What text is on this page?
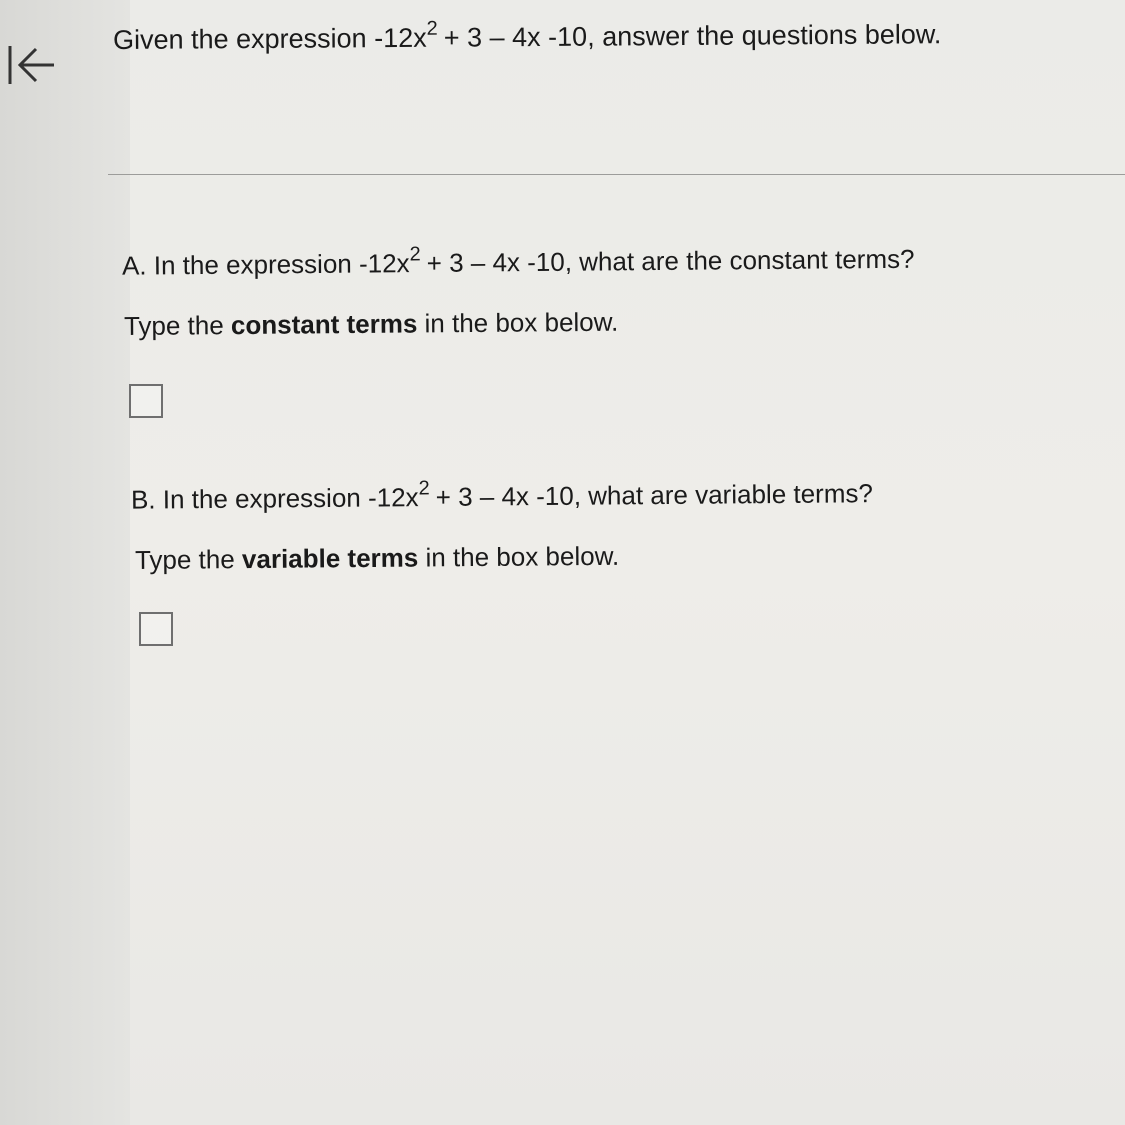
Given the expression $-12x^2 + 3 - 4x$ -10, answer the questions below.
A. In the expression $-12x^2 + 3 - 4x$ -10, what are the constant terms?
Type the constant terms in the box below.
B. In the expression $-12x^2 + 3 - 4x$ -10, what are variable terms?
Type the variable terms in the box below.
